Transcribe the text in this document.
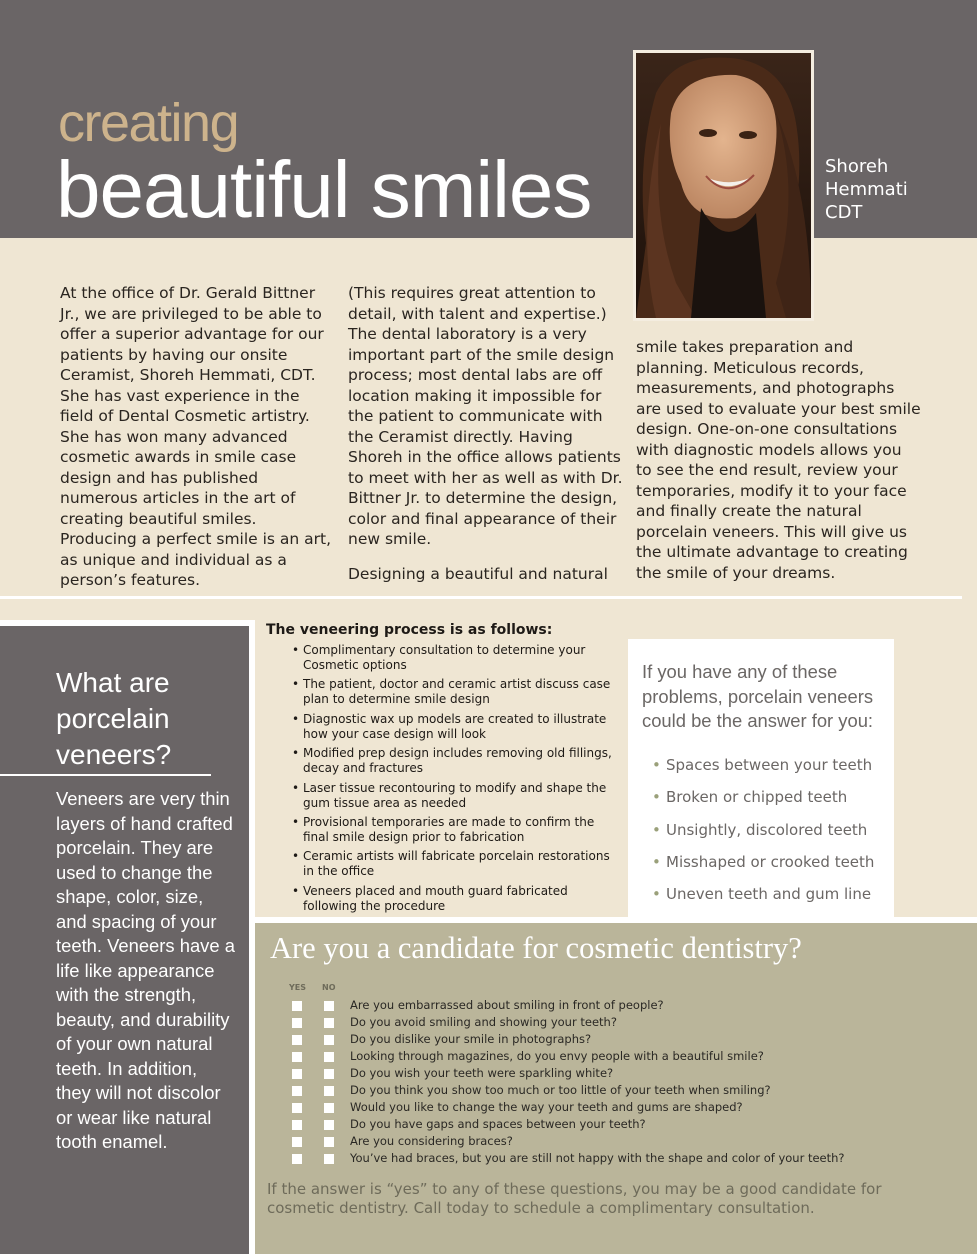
creating
beautiful smiles	Shoreh
Hemmati
CDT

At the office of Dr. Gerald Bittner Jr., we are privileged to be able to offer a superior advantage for our patients by having our onsite Ceramist, Shoreh Hemmati, CDT. She has vast experience in the field of Dental Cosmetic artistry. She has won many advanced cosmetic awards in smile case design and has published numerous articles in the art of creating beautiful smiles. Producing a perfect smile is an art, as unique and individual as a person’s features.

(This requires great attention to detail, with talent and expertise.) The dental laboratory is a very important part of the smile design process; most dental labs are off location making it impossible for the patient to communicate with the Ceramist directly. Having Shoreh in the office allows patients to meet with her as well as with Dr. Bittner Jr. to determine the design, color and final appearance of their new smile.

Designing a beautiful and natural

smile takes preparation and planning. Meticulous records, measurements, and photographs are used to evaluate your best smile design. One-on-one consultations with diagnostic models allows you to see the end result, review your temporaries, modify it to your face and finally create the natural porcelain veneers. This will give us the ultimate advantage to creating the smile of your dreams.

What are porcelain veneers?
Veneers are very thin layers of hand crafted porcelain. They are used to change the shape, color, size, and spacing of your teeth. Veneers have a life like appearance with the strength, beauty, and durability of your own natural teeth. In addition, they will not discolor or wear like natural tooth enamel.
The veneering process is as follows:
• Complimentary consultation to determine your Cosmetic options
• The patient, doctor and ceramic artist discuss case plan to determine smile design
• Diagnostic wax up models are created to illustrate how your case design will look
• Modified prep design includes removing old fillings, decay and fractures
• Laser tissue recontouring to modify and shape the gum tissue area as needed
• Provisional temporaries are made to confirm the final smile design prior to fabrication
• Ceramic artists will fabricate porcelain restorations in the office
• Veneers placed and mouth guard fabricated following the procedure
If you have any of these problems, porcelain veneers could be the answer for you:
• Spaces between your teeth
• Broken or chipped teeth
• Unsightly, discolored teeth
• Misshaped or crooked teeth
• Uneven teeth and gum line
Are you a candidate for cosmetic dentistry?
YES NO
Are you embarrassed about smiling in front of people?
Do you avoid smiling and showing your teeth?
Do you dislike your smile in photographs?
Looking through magazines, do you envy people with a beautiful smile?
Do you wish your teeth were sparkling white?
Do you think you show too much or too little of your teeth when smiling?
Would you like to change the way your teeth and gums are shaped?
Do you have gaps and spaces between your teeth?
Are you considering braces?
You’ve had braces, but you are still not happy with the shape and color of your teeth?
If the answer is “yes” to any of these questions, you may be a good candidate for cosmetic dentistry. Call today to schedule a complimentary consultation.
